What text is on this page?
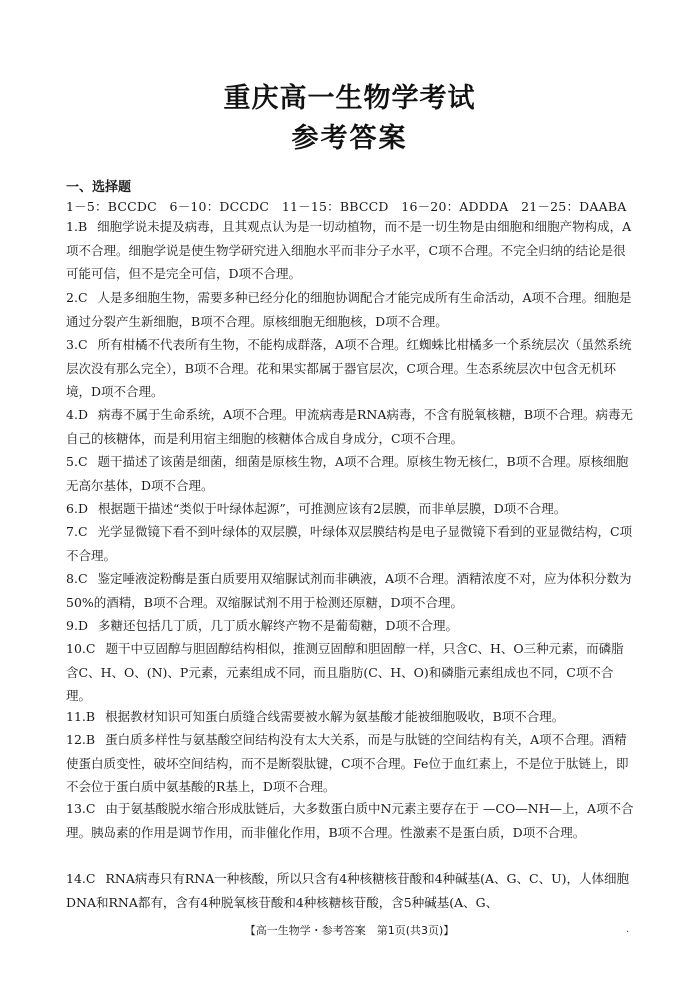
重庆高一生物学考试
参考答案
一、选择题
1－5：BCCDC　6－10：DCCDC　11－15：BBCCD　16－20：ADDDA　21－25：DAABA
1.B 细胞学说未提及病毒，且其观点认为是一切动植物，而不是一切生物是由细胞和细胞产物构成，A项不合理。细胞学说是使生物学研究进入细胞水平而非分子水平，C项不合理。不完全归纳的结论是很可能可信，但不是完全可信，D项不合理。
2.C 人是多细胞生物，需要多种已经分化的细胞协调配合才能完成所有生命活动，A项不合理。细胞是通过分裂产生新细胞，B项不合理。原核细胞无细胞核，D项不合理。
3.C 所有柑橘不代表所有生物，不能构成群落，A项不合理。红蜘蛛比柑橘多一个系统层次（虽然系统层次没有那么完全），B项不合理。花和果实都属于器官层次，C项合理。生态系统层次中包含无机环境，D项不合理。
4.D 病毒不属于生命系统，A项不合理。甲流病毒是RNA病毒，不含有脱氧核糖，B项不合理。病毒无自己的核糖体，而是利用宿主细胞的核糖体合成自身成分，C项不合理。
5.C 题干描述了该菌是细菌，细菌是原核生物，A项不合理。原核生物无核仁，B项不合理。原核细胞无高尔基体，D项不合理。
6.D 根据题干描述“类似于叶绿体起源”，可推测应该有2层膜，而非单层膜，D项不合理。
7.C 光学显微镜下看不到叶绿体的双层膜，叶绿体双层膜结构是电子显微镜下看到的亚显微结构，C项不合理。
8.C 鉴定唾液淀粉酶是蛋白质要用双缩脲试剂而非碘液，A项不合理。酒精浓度不对，应为体积分数为50%的酒精，B项不合理。双缩脲试剂不用于检测还原糖，D项不合理。
9.D 多糖还包括几丁质，几丁质水解终产物不是葡萄糖，D项不合理。
10.C 题干中豆固醇与胆固醇结构相似，推测豆固醇和胆固醇一样，只含C、H、O三种元素，而磷脂含C、H、O、(N)、P元素，元素组成不同，而且脂肪(C、H、O)和磷脂元素组成也不同，C项不合理。
11.B 根据教材知识可知蛋白质缝合线需要被水解为氨基酸才能被细胞吸收，B项不合理。
12.B 蛋白质多样性与氨基酸空间结构没有太大关系，而是与肽链的空间结构有关，A项不合理。酒精使蛋白质变性，破坏空间结构，而不是断裂肽键，C项不合理。Fe位于血红素上，不是位于肽链上，即不会位于蛋白质中氨基酸的R基上，D项不合理。
13.C 由于氨基酸脱水缩合形成肽链后，大多数蛋白质中N元素主要存在于 —CO—NH—上，A项不合理。胰岛素的作用是调节作用，而非催化作用，B项不合理。性激素不是蛋白质，D项不合理。
14.C RNA病毒只有RNA一种核酸，所以只含有4种核糖核苷酸和4种碱基(A、G、C、U)，人体细胞DNA和RNA都有，含有4种脱氧核苷酸和4种核糖核苷酸，含5种碱基(A、G、
【高一生物学・参考答案　第1页(共3页)】	.
